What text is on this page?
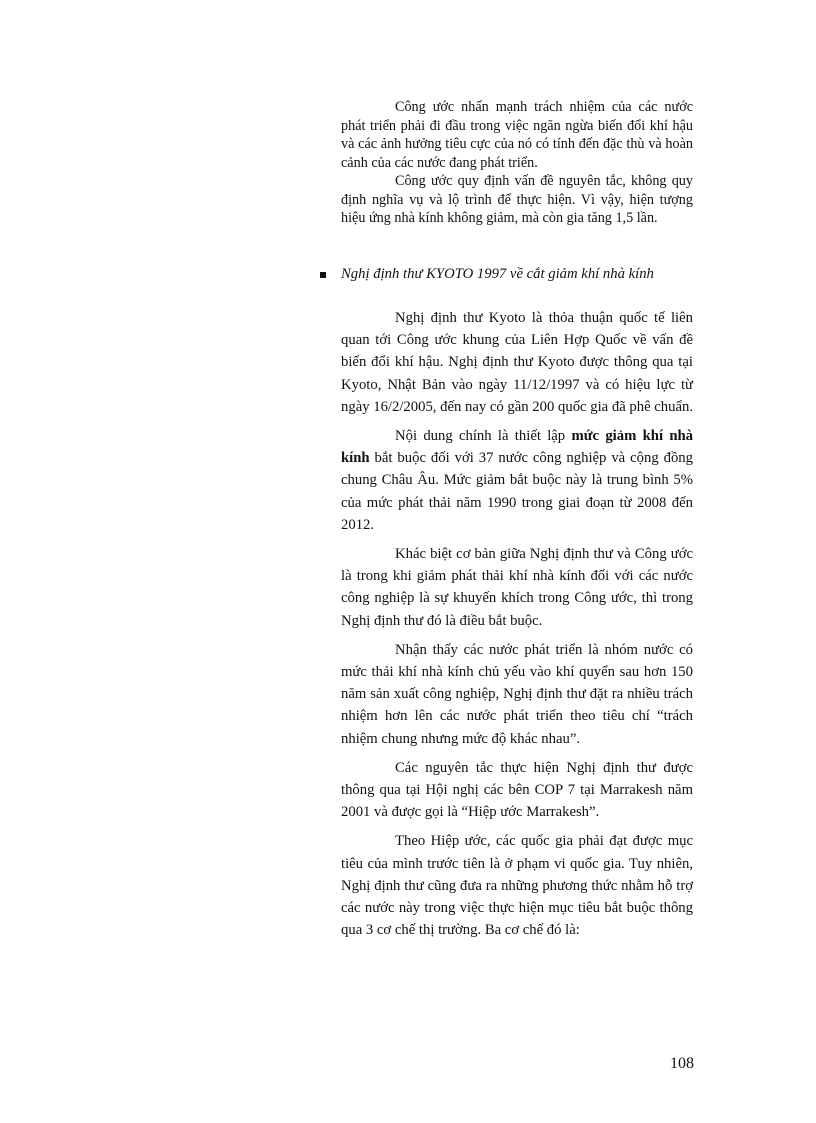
Công ước nhấn mạnh trách nhiệm của các nước phát triển phải đi đầu trong việc ngăn ngừa biến đổi khí hậu và các ảnh hưởng tiêu cực của nó có tính đến đặc thù và hoàn cảnh của các nước đang phát triển.

Công ước quy định vấn đề nguyên tắc, không quy định nghĩa vụ và lộ trình để thực hiện. Vì vậy, hiện tượng hiệu ứng nhà kính không giảm, mà còn gia tăng 1,5 lần.

Nghị định thư KYOTO 1997 về cắt giảm khí nhà kính

Nghị định thư Kyoto là thỏa thuận quốc tế liên quan tới Công ước khung của Liên Hợp Quốc về vấn đề biến đổi khí hậu. Nghị định thư Kyoto được thông qua tại Kyoto, Nhật Bản vào ngày 11/12/1997 và có hiệu lực từ ngày 16/2/2005, đến nay có gần 200 quốc gia đã phê chuẩn.

Nội dung chính là thiết lập mức giảm khí nhà kính bắt buộc đối với 37 nước công nghiệp và cộng đồng chung Châu Âu. Mức giảm bắt buộc này là trung bình 5% của mức phát thải năm 1990 trong giai đoạn từ 2008 đến 2012.

Khác biệt cơ bản giữa Nghị định thư và Công ước là trong khi giảm phát thải khí nhà kính đối với các nước công nghiệp là sự khuyến khích trong Công ước, thì trong Nghị định thư đó là điều bắt buộc.

Nhận thấy các nước phát triển là nhóm nước có mức thải khí nhà kính chủ yếu vào khí quyển sau hơn 150 năm sản xuất công nghiệp, Nghị định thư đặt ra nhiều trách nhiệm hơn lên các nước phát triển theo tiêu chí “trách nhiệm chung nhưng mức độ khác nhau”.

Các nguyên tắc thực hiện Nghị định thư được thông qua tại Hội nghị các bên COP 7 tại Marrakesh năm 2001 và được gọi là “Hiệp ước Marrakesh”.

Theo Hiệp ước, các quốc gia phải đạt được mục tiêu của mình trước tiên là ở phạm vi quốc gia. Tuy nhiên, Nghị định thư cũng đưa ra những phương thức nhằm hỗ trợ các nước này trong việc thực hiện mục tiêu bắt buộc thông qua 3 cơ chế thị trường. Ba cơ chế đó là:

108
